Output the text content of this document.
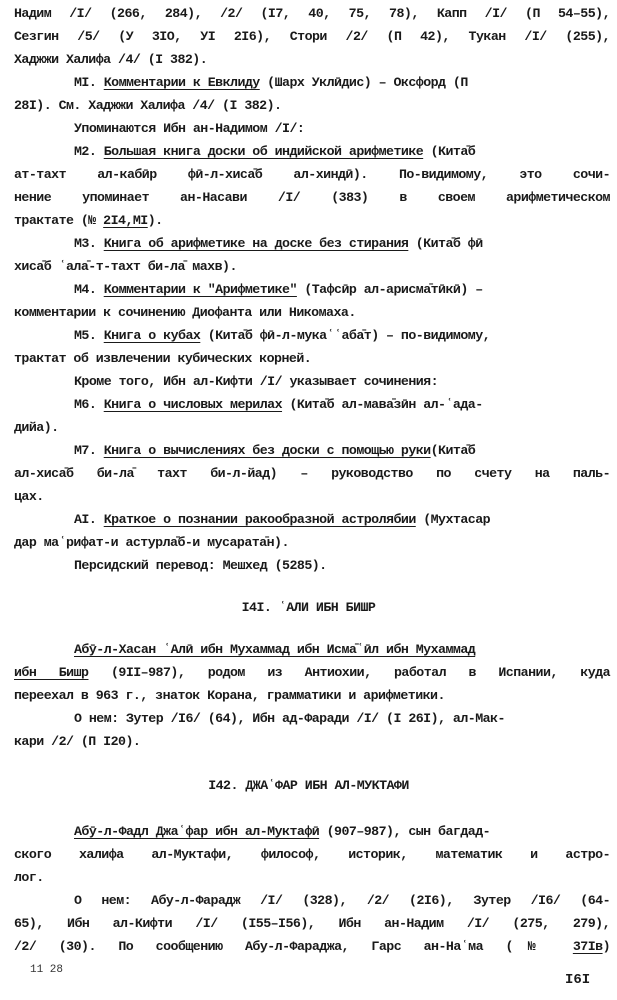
Надим /I/ (266, 284), /2/ (I7, 40, 75, 78), Капп /I/ (П 54–55),
Сезгин /5/ (У 3IO, УI 2I6), Стори /2/ (П 42), Тукан /I/ (255),
Хаджжи Халифа /4/ (I 382).
МI. Комментарии к Евклиду (Шарх Уклӣдис) – Оксфорд (П
28I). См. Хаджжи Халифа /4/ (I 382).
Упоминаются Ибн ан-Надимом /I/:
М2. Большая книга доски об индийской арифметике (Кита̄б
ат-тахт ал-кабӣр фӣ-л-хиса̄б ал-хиндӣ). По-видимому, это сочи-
нение упоминает ан-Насави /I/ (383) в своем арифметическом
трактате (№ 2I4,МI).
М3. Книга об арифметике на доске без стирания (Кита̄б фӣ
хиса̄б ʿала̄-т-тахт би-ла̄ махв).
М4. Комментарии к "Арифметике" (Тафсӣр ал-арисма̄тӣкӣ) –
комментарии к сочинению Диофанта или Никомаха.
М5. Книга о кубах (Кита̄б фӣ-л-мукаʿʿаба̄т) – по-видимому,
трактат об извлечении кубических корней.
Кроме того, Ибн ал-Кифти /I/ указывает сочинения:
М6. Книга о числовых мерилах (Кита̄б ал-мава̄зӣн ал-ʿада-
дийа).
М7. Книга о вычислениях без доски с помощью руки(Кита̄б
ал-хиса̄б би-ла̄ тахт би-л-йад) – руководство по счету на паль-
цах.
АI. Краткое о познании ракообразной астролябии (Мухтасар
дар маʿрифат-и астурла̄б-и мусарата̄н).
Персидский перевод: Мешхед (5285).
I4I. ʿАЛИ ИБН БИШР
Абӯ-л-Хасан ʿАлӣ ибн Мухаммад ибн Исма̄ʿӣл ибн Мухаммад
ибн Бишр (9II–987), родом из Антиохии, работал в Испании, куда
переехал в 963 г., знаток Корана, грамматики и арифметики.
О нем: Зутер /I6/ (64), Ибн ад-Фаради /I/ (I 26I), ал-Мак-
кари /2/ (П I20).
I42. ДЖАʿФАР ИБН АЛ-МУКТАФИ
Абӯ-л-Фадл Джаʿфар ибн ал-Муктафӣ (907–987), сын багдад-
ского халифа ал-Муктафи, философ, историк, математик и астро-
лог.
О нем: Абу-л-Фарадж /I/ (328), /2/ (2I6), Зутер /I6/ (64-
65), Ибн ал-Кифти /I/ (I55–I56), Ибн ан-Надим /I/ (275, 279),
/2/ (30). По сообщению Абу-л-Фараджа, Гарс ан-Наʿма (№ 37Iв)
11 28
I6I
